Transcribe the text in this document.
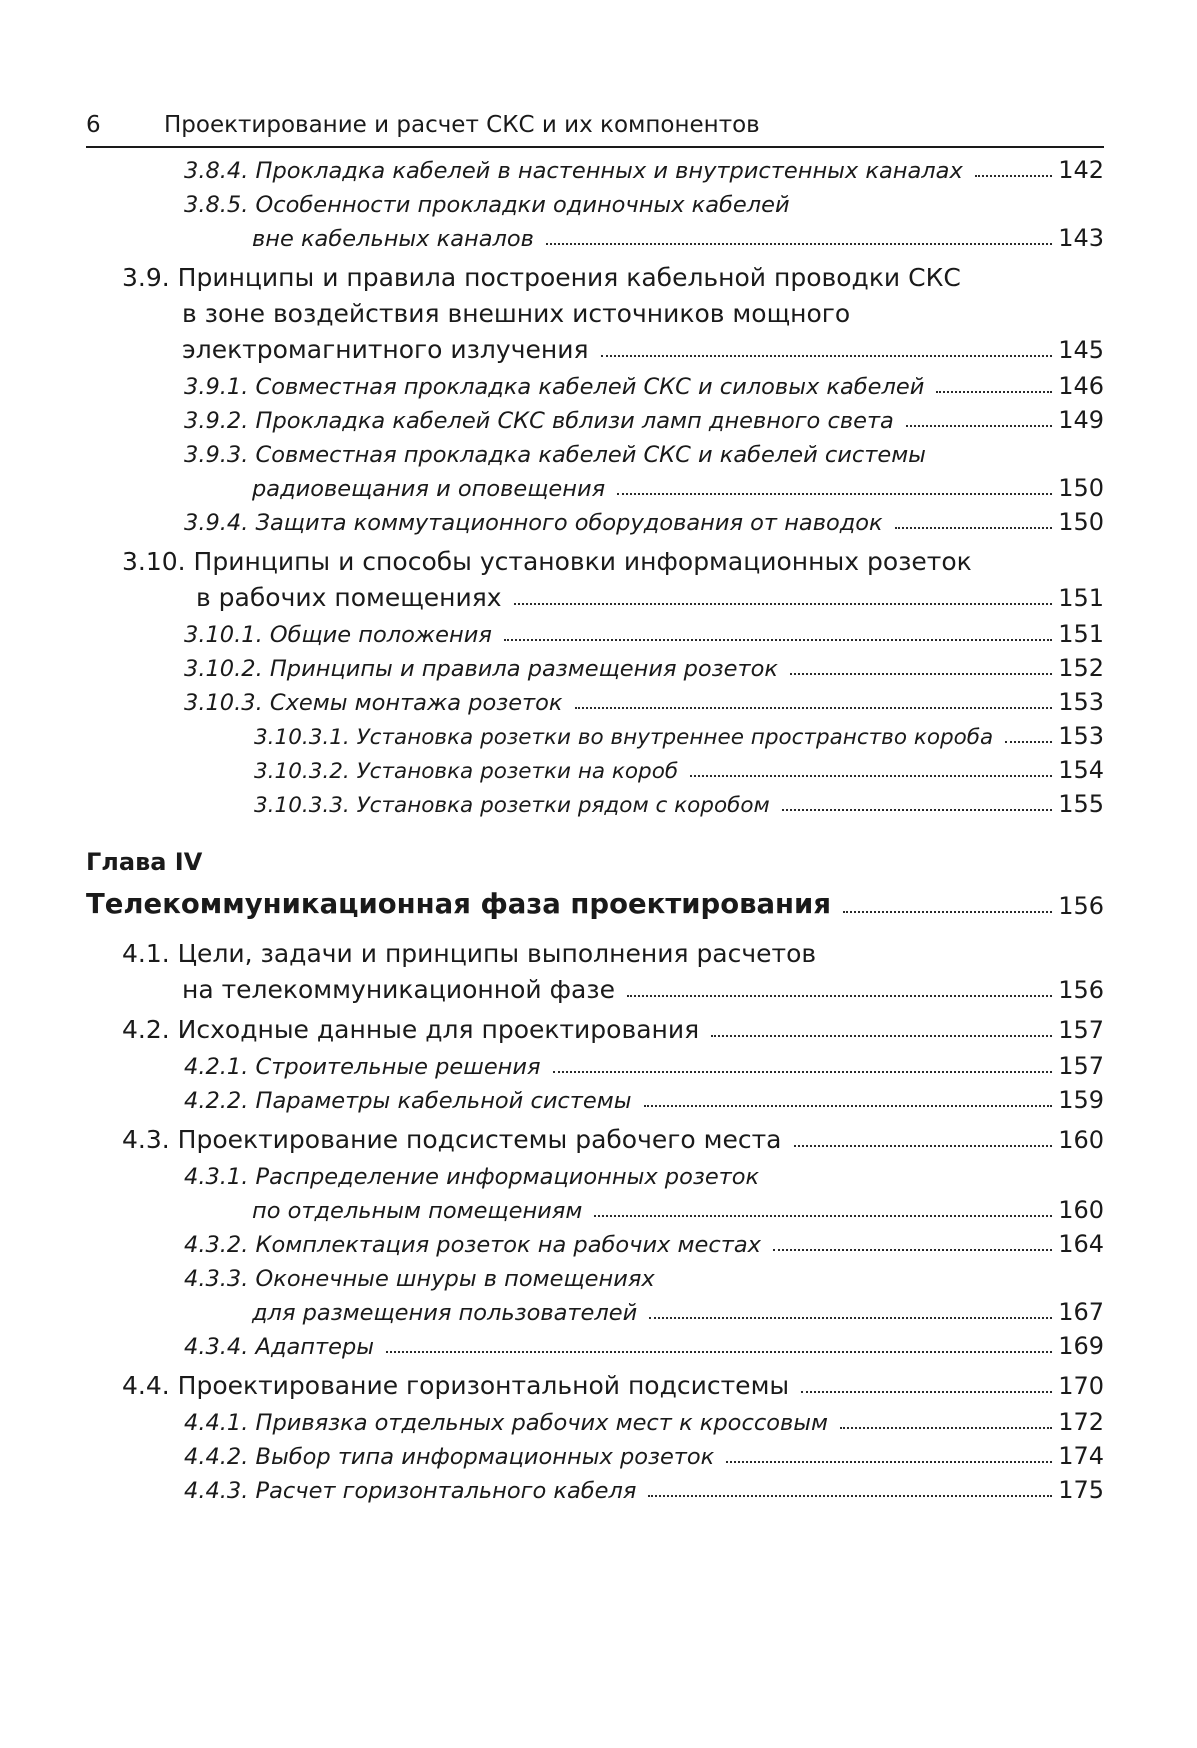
6	Проектирование и расчет СКС и их компонентов
3.8.4. Прокладка кабелей в настенных и внутристенных каналах	142
3.8.5. Особенности прокладки одиночных кабелей
вне кабельных каналов	143
3.9. Принципы и правила построения кабельной проводки СКС
в зоне воздействия внешних источников мощного
электромагнитного излучения	145
3.9.1. Совместная прокладка кабелей СКС и силовых кабелей	146
3.9.2. Прокладка кабелей СКС вблизи ламп дневного света	149
3.9.3. Совместная прокладка кабелей СКС и кабелей системы
радиовещания и оповещения	150
3.9.4. Защита коммутационного оборудования от наводок	150
3.10. Принципы и способы установки информационных розеток
в рабочих помещениях	151
3.10.1. Общие положения	151
3.10.2. Принципы и правила размещения розеток	152
3.10.3. Схемы монтажа розеток	153
3.10.3.1. Установка розетки во внутреннее пространство короба	153
3.10.3.2. Установка розетки на короб	154
3.10.3.3. Установка розетки рядом с коробом	155
Глава IV
Телекоммуникационная фаза проектирования	156
4.1. Цели, задачи и принципы выполнения расчетов
на телекоммуникационной фазе	156
4.2. Исходные данные для проектирования	157
4.2.1. Строительные решения	157
4.2.2. Параметры кабельной системы	159
4.3. Проектирование подсистемы рабочего места	160
4.3.1. Распределение информационных розеток
по отдельным помещениям	160
4.3.2. Комплектация розеток на рабочих местах	164
4.3.3. Оконечные шнуры в помещениях
для размещения пользователей	167
4.3.4. Адаптеры	169
4.4. Проектирование горизонтальной подсистемы	170
4.4.1. Привязка отдельных рабочих мест к кроссовым	172
4.4.2. Выбор типа информационных розеток	174
4.4.3. Расчет горизонтального кабеля	175
